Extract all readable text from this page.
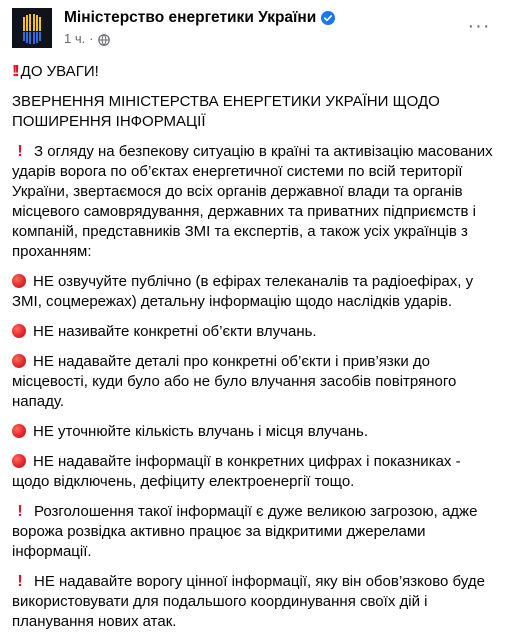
Міністерство енергетики України
1 ч. ·
···
!! ДО УВАГИ!
ЗВЕРНЕННЯ МІНІСТЕРСТВА ЕНЕРГЕТИКИ УКРАЇНИ ЩОДО ПОШИРЕННЯ ІНФОРМАЦІЇ
! З огляду на безпекову ситуацію в країні та активізацію масованих ударів ворога по об’єктах енергетичної системи по всій території України, звертаємося до всіх органів державної влади та органів місцевого самоврядування, державних та приватних підприємств і компаній, представників ЗМІ та експертів, а також усіх українців з проханням:
НЕ озвучуйте публічно (в ефірах телеканалів та радіоефірах, у ЗМІ, соцмережах) детальну інформацію щодо наслідків ударів.
НЕ називайте конкретні об’єкти влучань.
НЕ надавайте деталі про конкретні об’єкти і прив’язки до місцевості, куди було або не було влучання засобів повітряного нападу.
НЕ уточнюйте кількість влучань і місця влучань.
НЕ надавайте інформації в конкретних цифрах і показниках - щодо відключень, дефіциту електроенергії тощо.
! Розголошення такої інформації є дуже великою загрозою, адже ворожа розвідка активно працює за відкритими джерелами інформації.
! НЕ надавайте ворогу цінної інформації, яку він обов’язково буде використовувати для подальшого координування своїх дій і планування нових атак.
